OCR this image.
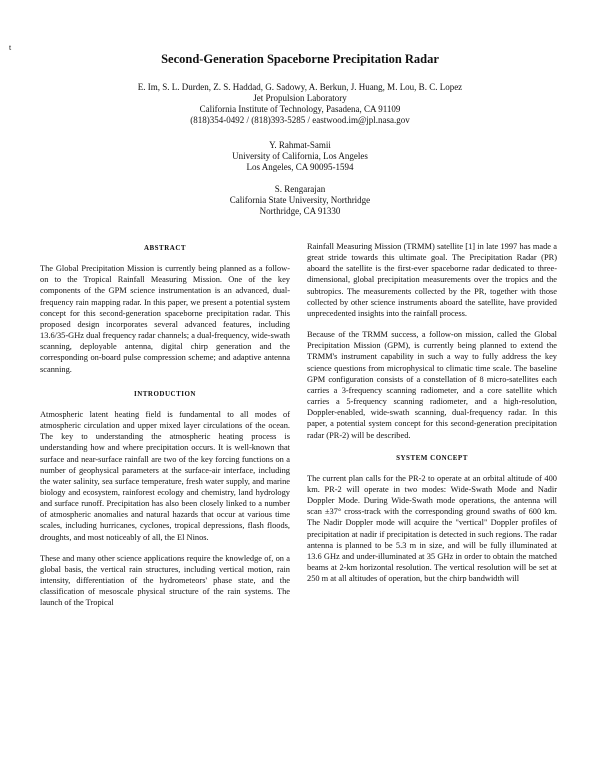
t
Second-Generation Spaceborne Precipitation Radar
E. Im, S. L. Durden, Z. S. Haddad, G. Sadowy, A. Berkun, J. Huang, M. Lou, B. C. Lopez
Jet Propulsion Laboratory
California Institute of Technology, Pasadena, CA 91109
(818)354-0492 / (818)393-5285 / eastwood.im@jpl.nasa.gov
Y. Rahmat-Samii
University of California, Los Angeles
Los Angeles, CA 90095-1594
S. Rengarajan
California State University, Northridge
Northridge, CA 91330
ABSTRACT

The Global Precipitation Mission is currently being planned as a follow-on to the Tropical Rainfall Measuring Mission. One of the key components of the GPM science instrumentation is an advanced, dual-frequency rain mapping radar. In this paper, we present a potential system concept for this second-generation spaceborne precipitation radar. This proposed design incorporates several advanced features, including 13.6/35-GHz dual frequency radar channels; a dual-frequency, wide-swath scanning, deployable antenna, digital chirp generation and the corresponding on-board pulse compression scheme; and adaptive antenna scanning.

INTRODUCTION

Atmospheric latent heating field is fundamental to all modes of atmospheric circulation and upper mixed layer circulations of the ocean. The key to understanding the atmospheric heating process is understanding how and where precipitation occurs. It is well-known that surface and near-surface rainfall are two of the key forcing functions on a number of geophysical parameters at the surface-air interface, including the water salinity, sea surface temperature, fresh water supply, and marine biology and ecosystem, rainforest ecology and chemistry, land hydrology and surface runoff. Precipitation has also been closely linked to a number of atmospheric anomalies and natural hazards that occur at various time scales, including hurricanes, cyclones, tropical depressions, flash floods, droughts, and most noticeably of all, the El Ninos.

These and many other science applications require the knowledge of, on a global basis, the vertical rain structures, including vertical motion, rain intensity, differentiation of the hydrometeors' phase state, and the classification of mesoscale physical structure of the rain systems. The launch of the Tropical

Rainfall Measuring Mission (TRMM) satellite [1] in late 1997 has made a great stride towards this ultimate goal. The Precipitation Radar (PR) aboard the satellite is the first-ever spaceborne radar dedicated to three-dimensional, global precipitation measurements over the tropics and the subtropics. The measurements collected by the PR, together with those collected by other science instruments aboard the satellite, have provided unprecedented insights into the rainfall process.

Because of the TRMM success, a follow-on mission, called the Global Precipitation Mission (GPM), is currently being planned to extend the TRMM's instrument capability in such a way to fully address the key science questions from microphysical to climatic time scale. The baseline GPM configuration consists of a constellation of 8 micro-satellites each carries a 3-frequency scanning radiometer, and a core satellite which carries a 5-frequency scanning radiometer, and a high-resolution, Doppler-enabled, wide-swath scanning, dual-frequency radar. In this paper, a potential system concept for this second-generation precipitation radar (PR-2) will be described.

SYSTEM CONCEPT

The current plan calls for the PR-2 to operate at an orbital altitude of 400 km. PR-2 will operate in two modes: Wide-Swath Mode and Nadir Doppler Mode. During Wide-Swath mode operations, the antenna will scan ±37° cross-track with the corresponding ground swaths of 600 km. The Nadir Doppler mode will acquire the "vertical" Doppler profiles of precipitation at nadir if precipitation is detected in such regions. The radar antenna is planned to be 5.3 m in size, and will be fully illuminated at 13.6 GHz and under-illuminated at 35 GHz in order to obtain the matched beams at 2-km horizontal resolution. The vertical resolution will be set at 250 m at all altitudes of operation, but the chirp bandwidth will
